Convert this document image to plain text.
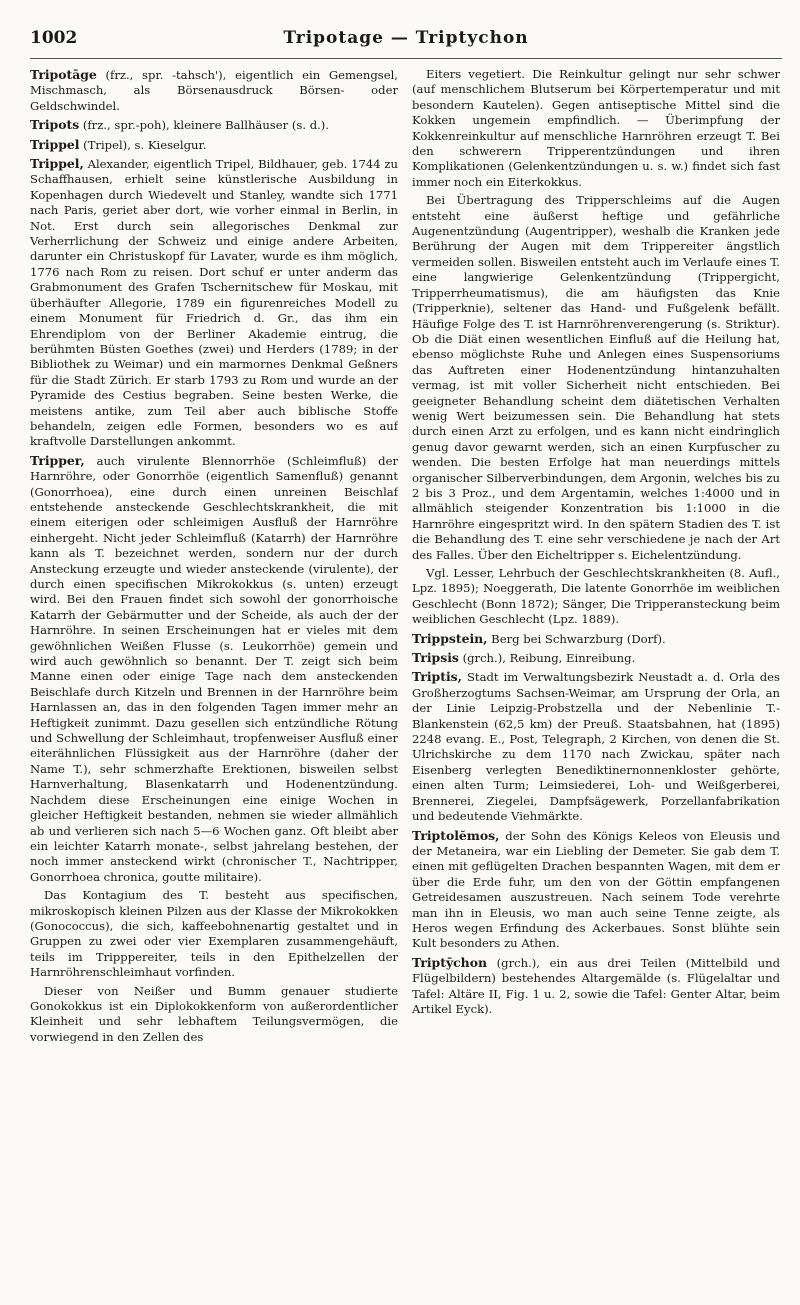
1002	Tripotage — Triptychon

Tripotāge (frz., spr. -tahsch'), eigentlich ein Gemengsel, Mischmasch, als Börsenausdruck Börsen- oder Geldschwindel.

Tripots (frz., spr.-poh), kleinere Ballhäuser (s. d.).

Trippel (Tripel), s. Kieselgur.

Trippel, Alexander, eigentlich Tripel, Bildhauer, geb. 1744 zu Schaffhausen, erhielt seine künstlerische Ausbildung in Kopenhagen durch Wiedevelt und Stanley, wandte sich 1771 nach Paris, geriet aber dort, wie vorher einmal in Berlin, in Not. Erst durch sein allegorisches Denkmal zur Verherrlichung der Schweiz und einige andere Arbeiten, darunter ein Christuskopf für Lavater, wurde es ihm möglich, 1776 nach Rom zu reisen. Dort schuf er unter anderm das Grabmonument des Grafen Tschernitschew für Moskau, mit überhäufter Allegorie, 1789 ein figurenreiches Modell zu einem Monument für Friedrich d. Gr., das ihm ein Ehrendiplom von der Berliner Akademie eintrug, die berühmten Büsten Goethes (zwei) und Herders (1789; in der Bibliothek zu Weimar) und ein marmornes Denkmal Geßners für die Stadt Zürich. Er starb 1793 zu Rom und wurde an der Pyramide des Cestius begraben. Seine besten Werke, die meistens antike, zum Teil aber auch biblische Stoffe behandeln, zeigen edle Formen, besonders wo es auf kraftvolle Darstellungen ankommt.

Tripper, auch virulente Blennorrhöe (Schleimfluß) der Harnröhre, oder Gonorrhöe (eigentlich Samenfluß) genannt (Gonorrhoea), eine durch einen unreinen Beischlaf entstehende ansteckende Geschlechtskrankheit, die mit einem eiterigen oder schleimigen Ausfluß der Harnröhre einhergeht. Nicht jeder Schleimfluß (Katarrh) der Harnröhre kann als T. bezeichnet werden, sondern nur der durch Ansteckung erzeugte und wieder ansteckende (virulente), der durch einen specifischen Mikrokokkus (s. unten) erzeugt wird. Bei den Frauen findet sich sowohl der gonorrhoische Katarrh der Gebärmutter und der Scheide, als auch der der Harnröhre. In seinen Erscheinungen hat er vieles mit dem gewöhnlichen Weißen Flusse (s. Leukorrhöe) gemein und wird auch gewöhnlich so benannt. Der T. zeigt sich beim Manne einen oder einige Tage nach dem ansteckenden Beischlafe durch Kitzeln und Brennen in der Harnröhre beim Harnlassen an, das in den folgenden Tagen immer mehr an Heftigkeit zunimmt. Dazu gesellen sich entzündliche Rötung und Schwellung der Schleimhaut, tropfenweiser Ausfluß einer eiterähnlichen Flüssigkeit aus der Harnröhre (daher der Name T.), sehr schmerzhafte Erektionen, bisweilen selbst Harnverhaltung, Blasenkatarrh und Hodenentzündung. Nachdem diese Erscheinungen eine einige Wochen in gleicher Heftigkeit bestanden, nehmen sie wieder allmählich ab und verlieren sich nach 5—6 Wochen ganz. Oft bleibt aber ein leichter Katarrh monate-, selbst jahrelang bestehen, der noch immer ansteckend wirkt (chronischer T., Nachtripper, Gonorrhoea chronica, goutte militaire).

Das Kontagium des T. besteht aus specifischen, mikroskopisch kleinen Pilzen aus der Klasse der Mikrokokken (Gonococcus), die sich, kaffeebohnenartig gestaltet und in Gruppen zu zwei oder vier Exemplaren zusammengehäuft, teils im Tripppereiter, teils in den Epithelzellen der Harnröhrenschleimhaut vorfinden.

Dieser von Neißer und Bumm genauer studierte Gonokokkus ist ein Diplokokkenform von außerordentlicher Kleinheit und sehr lebhaftem Teilungsvermögen, die vorwiegend in den Zellen des

Eiters vegetiert. Die Reinkultur gelingt nur sehr schwer (auf menschlichem Blutserum bei Körpertemperatur und mit besondern Kautelen). Gegen antiseptische Mittel sind die Kokken ungemein empfindlich. — Überimpfung der Kokkenreinkultur auf menschliche Harnröhren erzeugt T. Bei den schwerern Tripperentzündungen und ihren Komplikationen (Gelenkentzündungen u. s. w.) findet sich fast immer noch ein Eiterkokkus.

Bei Übertragung des Tripperschleims auf die Augen entsteht eine äußerst heftige und gefährliche Augenentzündung (Augentripper), weshalb die Kranken jede Berührung der Augen mit dem Trippereiter ängstlich vermeiden sollen. Bisweilen entsteht auch im Verlaufe eines T. eine langwierige Gelenkentzündung (Trippergicht, Tripperrheumatismus), die am häufigsten das Knie (Tripperknie), seltener das Hand- und Fußgelenk befällt. Häufige Folge des T. ist Harnröhrenverengerung (s. Striktur). Ob die Diät einen wesentlichen Einfluß auf die Heilung hat, ebenso möglichste Ruhe und Anlegen eines Suspensoriums das Auftreten einer Hodenentzündung hintanzuhalten vermag, ist mit voller Sicherheit nicht entschieden. Bei geeigneter Behandlung scheint dem diätetischen Verhalten wenig Wert beizumessen sein. Die Behandlung hat stets durch einen Arzt zu erfolgen, und es kann nicht eindringlich genug davor gewarnt werden, sich an einen Kurpfuscher zu wenden. Die besten Erfolge hat man neuerdings mittels organischer Silberverbindungen, dem Argonin, welches bis zu 2 bis 3 Proz., und dem Argentamin, welches 1:4000 und in allmählich steigender Konzentration bis 1:1000 in die Harnröhre eingespritzt wird. In den spätern Stadien des T. ist die Behandlung des T. eine sehr verschiedene je nach der Art des Falles. Über den Eicheltripper s. Eichelentzündung.

Vgl. Lesser, Lehrbuch der Geschlechtskrankheiten (8. Aufl., Lpz. 1895); Noeggerath, Die latente Gonorrhöe im weiblichen Geschlecht (Bonn 1872); Sänger, Die Tripperansteckung beim weiblichen Geschlecht (Lpz. 1889).

Trippstein, Berg bei Schwarzburg (Dorf).

Tripsis (grch.), Reibung, Einreibung.

Triptis, Stadt im Verwaltungsbezirk Neustadt a. d. Orla des Großherzogtums Sachsen-Weimar, am Ursprung der Orla, an der Linie Leipzig-Probstzella und der Nebenlinie T.-Blankenstein (62,5 km) der Preuß. Staatsbahnen, hat (1895) 2248 evang. E., Post, Telegraph, 2 Kirchen, von denen die St. Ulrichskirche zu dem 1170 nach Zwickau, später nach Eisenberg verlegten Benediktinernonnenkloster gehörte, einen alten Turm; Leimsiederei, Loh- und Weißgerberei, Brennerei, Ziegelei, Dampfsägewerk, Porzellanfabrikation und bedeutende Viehmärkte.

Triptolĕmos, der Sohn des Königs Keleos von Eleusis und der Metaneira, war ein Liebling der Demeter. Sie gab dem T. einen mit geflügelten Drachen bespannten Wagen, mit dem er über die Erde fuhr, um den von der Göttin empfangenen Getreidesamen auszustreuen. Nach seinem Tode verehrte man ihn in Eleusis, wo man auch seine Tenne zeigte, als Heros wegen Erfindung des Ackerbaues. Sonst blühte sein Kult besonders zu Athen.

Triptȳchon (grch.), ein aus drei Teilen (Mittelbild und Flügelbildern) bestehendes Altargemälde (s. Flügelaltar und Tafel: Altäre II, Fig. 1 u. 2, sowie die Tafel: Genter Altar, beim Artikel Eyck).
